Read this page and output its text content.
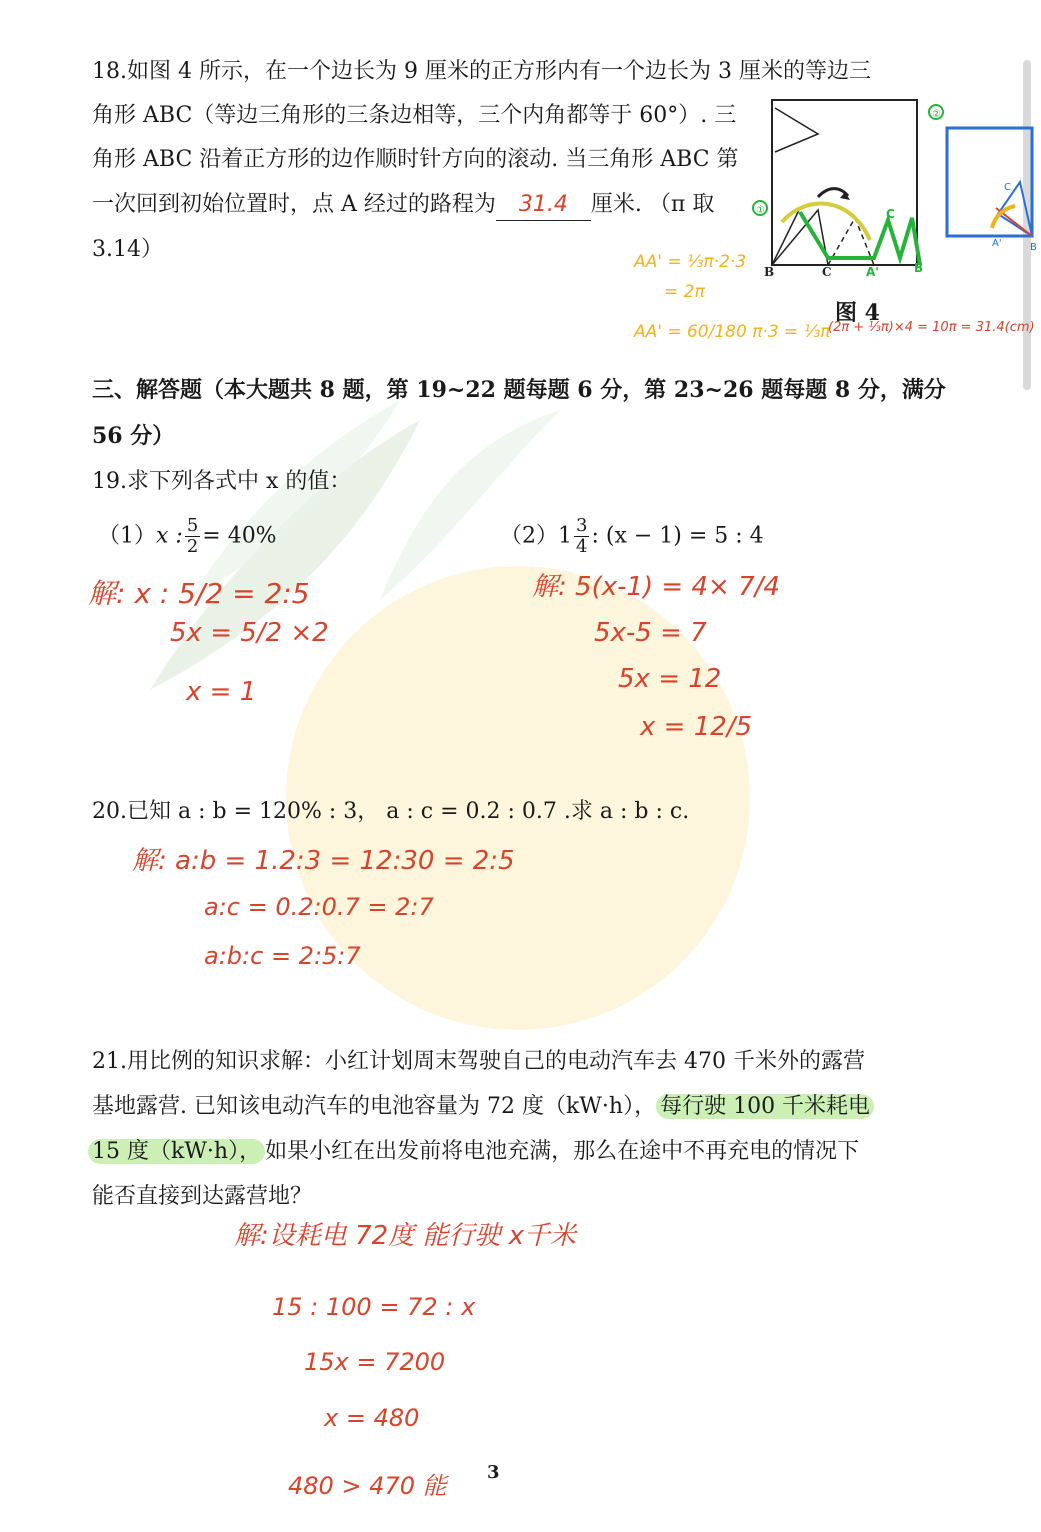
18.如图 4 所示，在一个边长为 9 厘米的正方形内有一个边长为 3 厘米的等边三
角形 ABC（等边三角形的三条边相等，三个内角都等于 60°）. 三
角形 ABC 沿着正方形的边作顺时针方向的滚动. 当三角形 ABC 第
一次回到初始位置时，点 A 经过的路程为 31.4 厘米. （π 取
3.14）
①
②
B	C	A'	B
C
A'	B
C
图 4
AA' = ⅓π·2·3
= 2π
AA' = 60/180 π·3 = ⅓π
(2π + ⅓π)×4 = 10π = 31.4(cm)
三、解答题（本大题共 8 题，第 19~22 题每题 6 分，第 23~26 题每题 8 分，满分
56 分）
19.求下列各式中 x 的值：
（1）x : $\frac{5}{2} = 40\%$	$(2)1 \frac{3}{4}$ : (x − 1) = 5 : 4
解: x : 5/2 = 2:5
5x = 5/2 ×2
x = 1
解: 5(x-1) = 4× 7/4
5x-5 = 7
5x = 12
x = 12/5
20.已知 a : b = 120% : 3， a : c = 0.2 : 0.7 .求 a : b : c.
解: a:b = 1.2:3 = 12:30 = 2:5
a:c = 0.2:0.7 = 2:7
a:b:c = 2:5:7
21.用比例的知识求解：小红计划周末驾驶自己的电动汽车去 470 千米外的露营
基地露营. 已知该电动汽车的电池容量为 72 度（kW·h）， 每行驶 100 千米耗电
15 度（kW·h）， 如果小红在出发前将电池充满，那么在途中不再充电的情况下
能否直接到达露营地？
解:设耗电 72度 能行驶 x千米
15 : 100 = 72 : x
15x = 7200
x = 480
480 > 470 能 3
